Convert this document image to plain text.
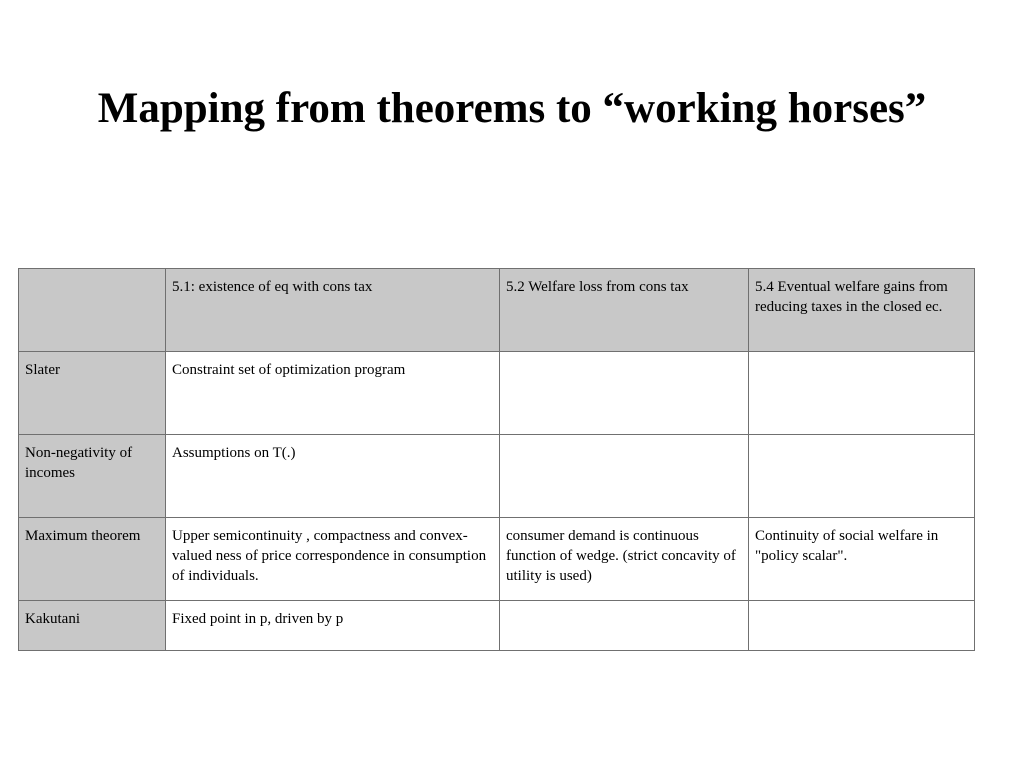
Mapping from theorems to “working horses”
	5.1: existence of eq with cons tax	5.2 Welfare loss from cons tax	5.4 Eventual welfare gains from reducing taxes in the closed ec.
Slater	Constraint set of optimization program		
Non-negativity of incomes	Assumptions on T(.)		
Maximum theorem	Upper semicontinuity , compactness and convex-valued ness of price correspondence in consumption of individuals.	consumer demand is continuous function of wedge. (strict concavity of utility is used)	Continuity of social welfare in "policy scalar".
Kakutani	Fixed point in p, driven by p		
